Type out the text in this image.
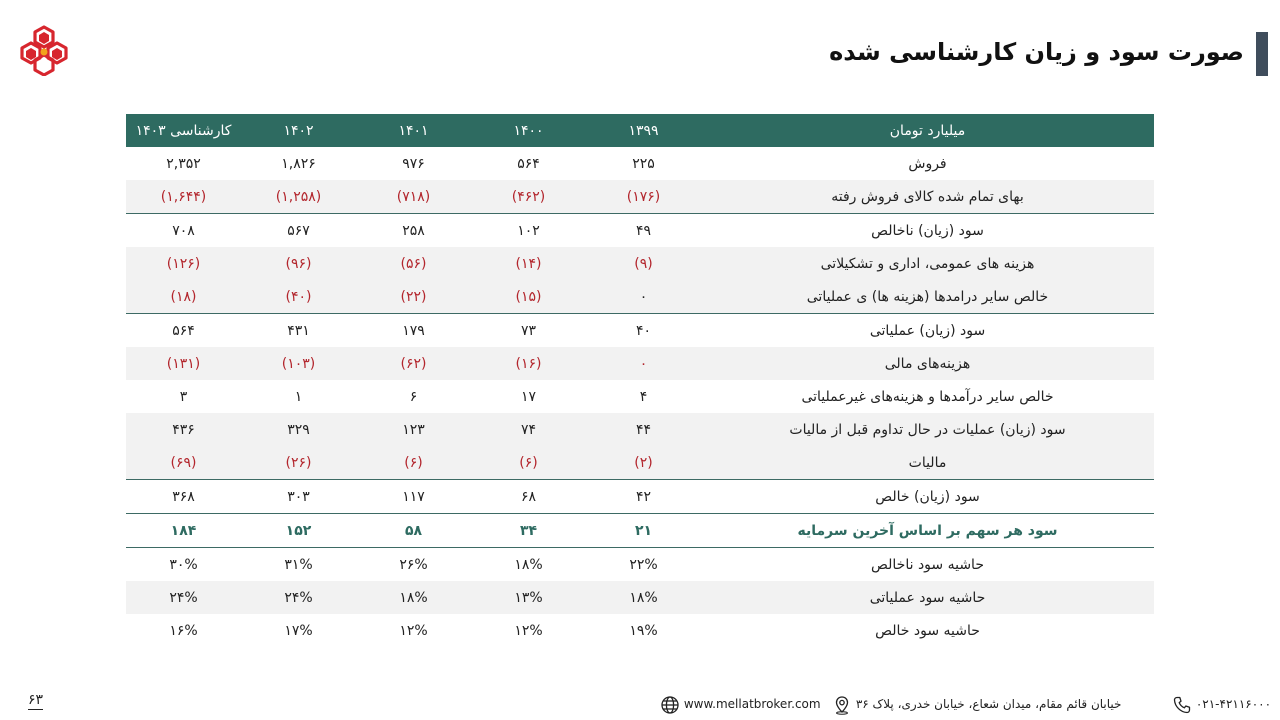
صورت سود و زیان کارشناسی شده
میلیارد تومان	۱۳۹۹	۱۴۰۰	۱۴۰۱	۱۴۰۲	کارشناسی ۱۴۰۳
فروش	۲۲۵	۵۶۴	۹۷۶	۱,۸۲۶	۲,۳۵۲
بهای تمام شده کالای فروش رفته	(۱۷۶)	(۴۶۲)	(۷۱۸)	(۱,۲۵۸)	(۱,۶۴۴)
سود (زیان) ناخالص	۴۹	۱۰۲	۲۵۸	۵۶۷	۷۰۸
هزینه های عمومی، اداری و تشکیلاتی	(۹)	(۱۴)	(۵۶)	(۹۶)	(۱۲۶)
خالص سایر درامدها (هزینه ها) ی عملیاتی	۰	(۱۵)	(۲۲)	(۴۰)	(۱۸)
سود (زیان) عملیاتی	۴۰	۷۳	۱۷۹	۴۳۱	۵۶۴
هزینه‌های مالی	۰	(۱۶)	(۶۲)	(۱۰۳)	(۱۳۱)
خالص سایر درآمدها و هزینه‌های غیرعملیاتی	۴	۱۷	۶	۱	۳
سود (زیان) عملیات در حال تداوم قبل از مالیات	۴۴	۷۴	۱۲۳	۳۲۹	۴۳۶
مالیات	(۲)	(۶)	(۶)	(۲۶)	(۶۹)
سود (زیان) خالص	۴۲	۶۸	۱۱۷	۳۰۳	۳۶۸
سود هر سهم بر اساس آخرین سرمایه	۲۱	۳۴	۵۸	۱۵۲	۱۸۴
حاشیه سود ناخالص	۲۲%	۱۸%	۲۶%	۳۱%	۳۰%
حاشیه سود عملیاتی	۱۸%	۱۳%	۱۸%	۲۴%	۲۴%
حاشیه سود خالص	۱۹%	۱۲%	۱۲%	۱۷%	۱۶%
۶۳	www.mellatbroker.com	خیابان قائم مقام، میدان شعاع، خیابان خدری، پلاک ۳۶	۰۲۱-۴۲۱۱۶۰۰۰
